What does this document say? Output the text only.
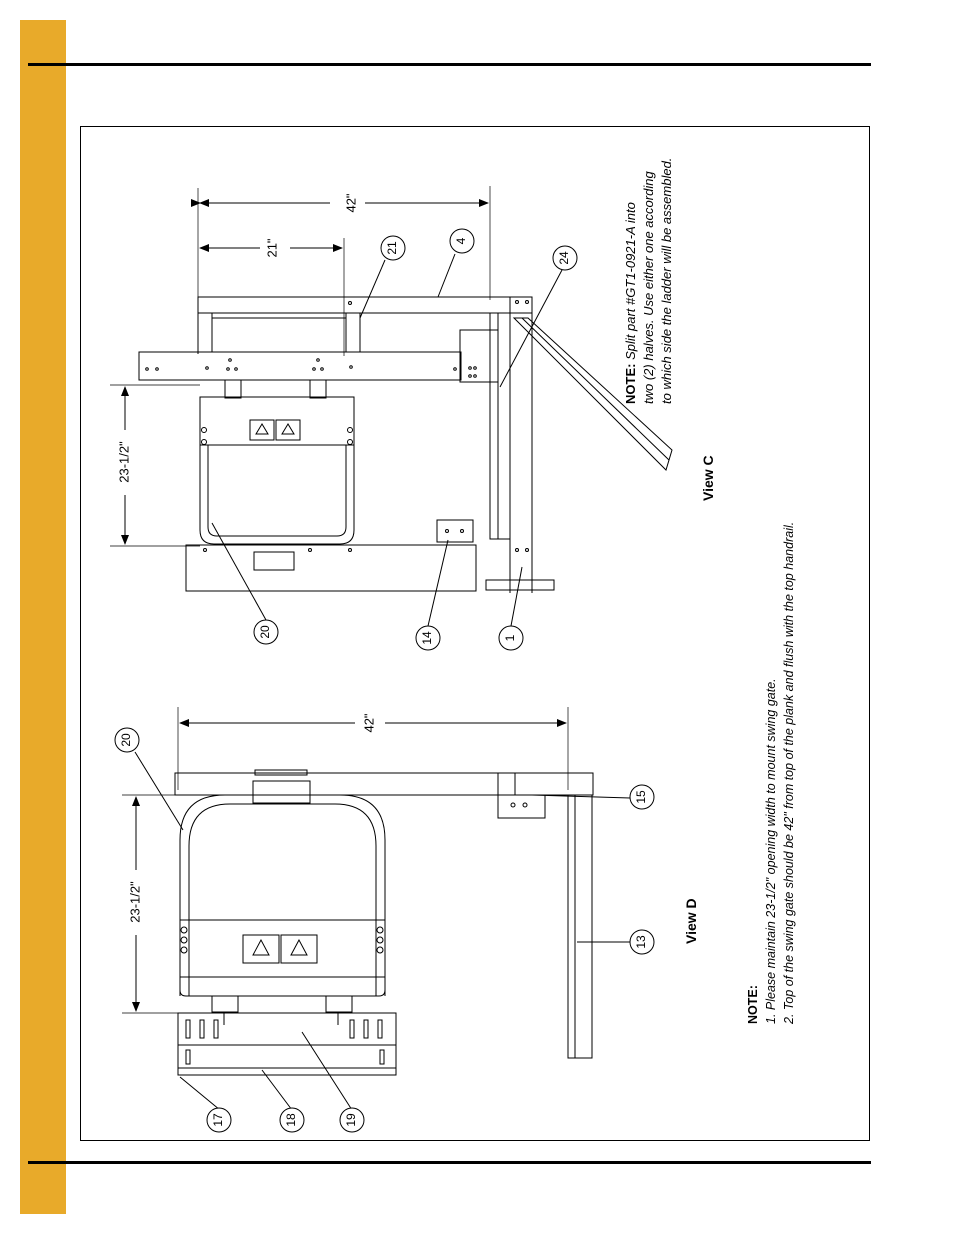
42"
21"
23-1/2"
42"
23-1/2"
20	14	1
21
4
24
20
15
13
17	18	19
NOTE: Split part #GT1-0921-A into two (2) halves. Use either one according to which side the ladder will be assembled.
View C
View D
NOTE: 1. Please maintain 23-1/2" opening width to mount swing gate. 2. Top of the swing gate should be 42" from top of the plank and flush with the top handrail.
